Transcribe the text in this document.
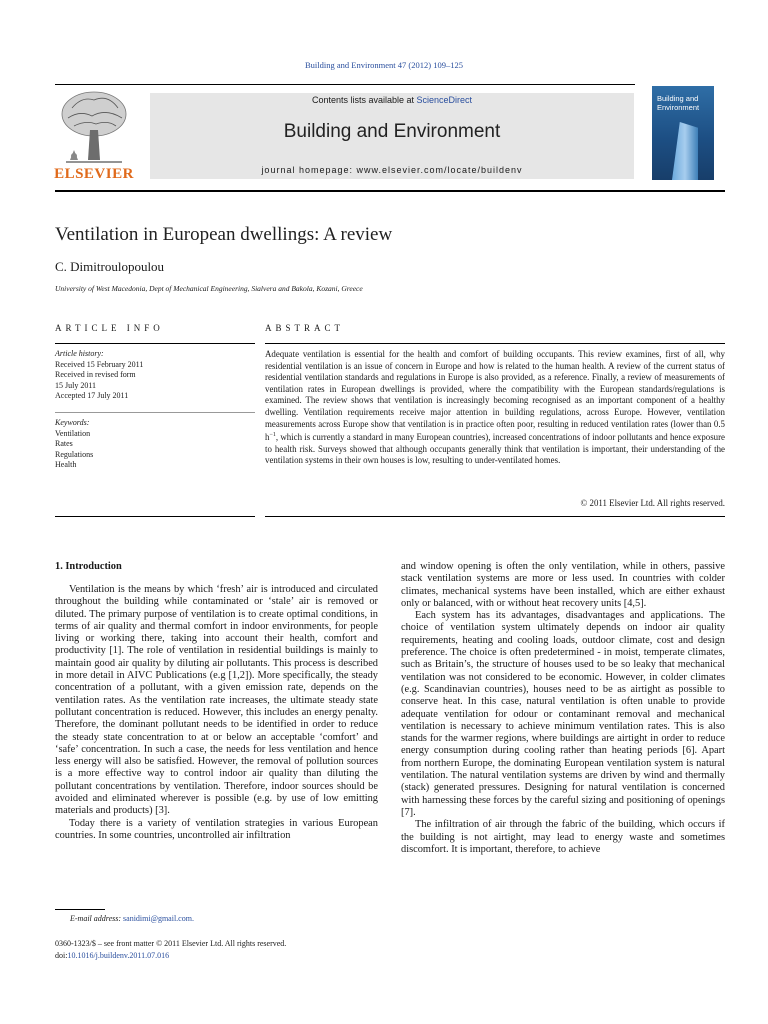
Building and Environment 47 (2012) 109–125
ELSEVIER
Contents lists available at ScienceDirect
Building and Environment
journal homepage: www.elsevier.com/locate/buildenv
Building and
Environment
Ventilation in European dwellings: A review
C. Dimitroulopoulou
University of West Macedonia, Dept of Mechanical Engineering, Sialvera and Bakola, Kozani, Greece
ARTICLE INFO	ABSTRACT
Article history:
Received 15 February 2011
Received in revised form
15 July 2011
Accepted 17 July 2011
Keywords:
Ventilation
Rates
Regulations
Health
Adequate ventilation is essential for the health and comfort of building occupants. This review examines, first of all, why residential ventilation is an issue of concern in Europe and how is related to the human health. A review of the current status of residential ventilation standards and regulations in Europe is also provided, as a reference. Finally, a review of measurements of ventilation rates in European dwellings is provided, where the compatibility with the European standards/regulations is examined. The review shows that ventilation is increasingly becoming recognised as an important component of a healthy dwelling. Ventilation requirements receive major attention in building regulations, across Europe. However, ventilation measurements across Europe show that ventilation is in practice often poor, resulting in reduced ventilation rates (lower than 0.5 $h^{-1}$, which is currently a standard in many European countries), increased concentrations of indoor pollutants and hence exposure to health risk. Surveys showed that although occupants generally think that ventilation is important, their understanding of the ventilation systems in their own houses is low, resulting to under-ventilated homes.
© 2011 Elsevier Ltd. All rights reserved.
1. Introduction

Ventilation is the means by which ‘fresh’ air is introduced and circulated throughout the building while contaminated or ‘stale’ air is removed or diluted. The primary purpose of ventilation is to create optimal conditions, in terms of air quality and thermal comfort in indoor environments, for people living or working there, taking into account their health, comfort and productivity [1]. The role of ventilation in residential buildings is mainly to maintain good air quality by diluting air pollutants. This process is described in more detail in AIVC Publications (e.g [1,2]). More specifically, the steady concentration of a pollutant, with a given emission rate, depends on the ventilation rates. As the ventilation rate increases, the ultimate steady state pollutant concentration is reduced. However, this includes an energy penalty. Therefore, the dominant pollutant needs to be identified in order to reduce the steady state concentration to at or below an acceptable ‘comfort’ and ‘safe’ concentration. In such a case, the needs for less ventilation and hence less energy will also be satisfied. However, the removal of pollution sources is a more effective way to control indoor air quality than diluting the pollutant concentrations by ventilation. Therefore, indoor sources should be avoided and eliminated wherever is possible (e.g. by use of low emitting materials and products) [3].

Today there is a variety of ventilation strategies in various European countries. In some countries, uncontrolled air infiltration

and window opening is often the only ventilation, while in others, passive stack ventilation systems are more or less used. In countries with colder climates, mechanical systems have been installed, which are either exhaust only or balanced, with or without heat recovery units [4,5].

Each system has its advantages, disadvantages and applications. The choice of ventilation system ultimately depends on indoor air quality requirements, heating and cooling loads, outdoor climate, cost and design preference. The choice is often predetermined - in moist, temperate climates, such as Britain’s, the structure of houses used to be so leaky that mechanical ventilation was not considered to be economic. However, in colder climates (e.g. Scandinavian countries), houses need to be as airtight as possible to conserve heat. In this case, natural ventilation is often unable to provide adequate ventilation for odour or contaminant removal and mechanical ventilation is necessary to achieve minimum ventilation rates. This is also stands for the warmer regions, where buildings are airtight in order to reduce energy consumption during cooling rather than heating periods [6]. Apart from northern Europe, the dominating European ventilation system is natural ventilation. The natural ventilation systems are driven by wind and thermally (stack) generated pressures. Designing for natural ventilation is concerned with harnessing these forces by the careful sizing and positioning of openings [7].

The infiltration of air through the fabric of the building, which occurs if the building is not airtight, may lead to energy waste and sometimes discomfort. It is important, therefore, to achieve

E-mail address: sanidimi@gmail.com.
0360-1323/$ – see front matter © 2011 Elsevier Ltd. All rights reserved.
doi:10.1016/j.buildenv.2011.07.016
